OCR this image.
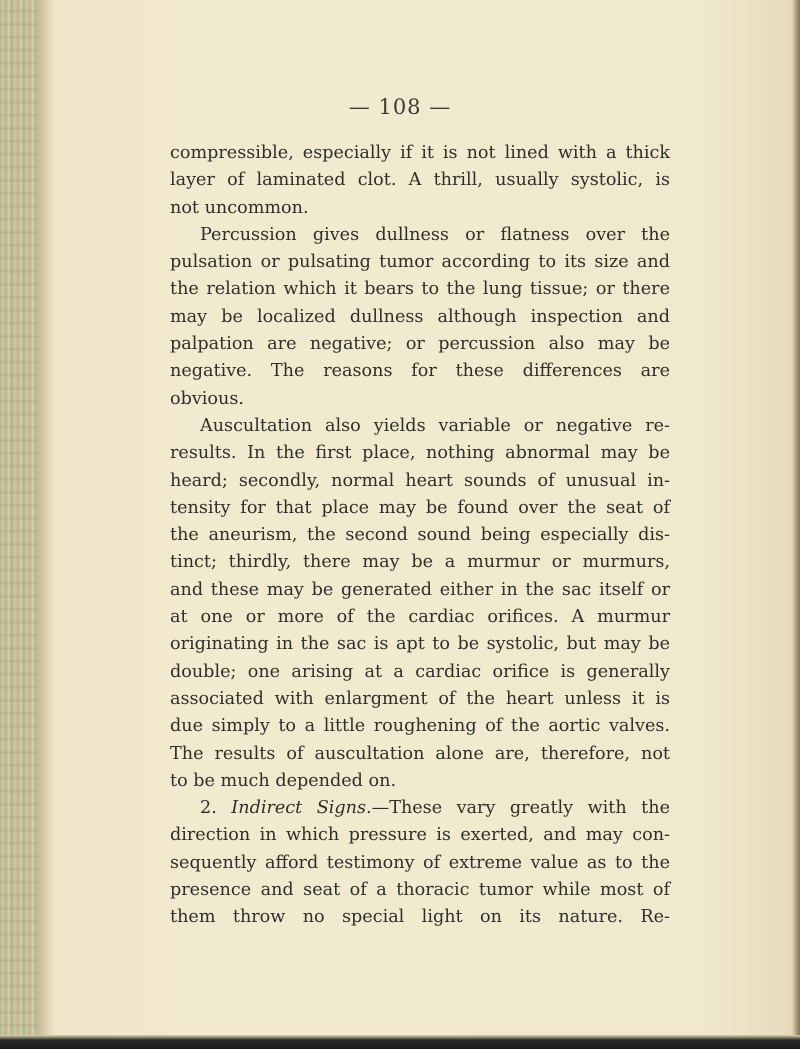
— 108 —
compressible, especially if it is not lined with a thick
layer of laminated clot. A thrill, usually systolic, is
not uncommon.
Percussion gives dullness or flatness over the
pulsation or pulsating tumor according to its size and
the relation which it bears to the lung tissue; or there
may be localized dullness although inspection and
palpation are negative; or percussion also may be
negative. The reasons for these differences are
obvious.
Auscultation also yields variable or negative re-
results. In the first place, nothing abnormal may be
heard; secondly, normal heart sounds of unusual in-
tensity for that place may be found over the seat of
the aneurism, the second sound being especially dis-
tinct; thirdly, there may be a murmur or murmurs,
and these may be generated either in the sac itself or
at one or more of the cardiac orifices. A murmur
originating in the sac is apt to be systolic, but may be
double; one arising at a cardiac orifice is generally
associated with enlargment of the heart unless it is
due simply to a little roughening of the aortic valves.
The results of auscultation alone are, therefore, not
to be much depended on.
2. Indirect Signs.—These vary greatly with the
direction in which pressure is exerted, and may con-
sequently afford testimony of extreme value as to the
presence and seat of a thoracic tumor while most of
them throw no special light on its nature. Re-
